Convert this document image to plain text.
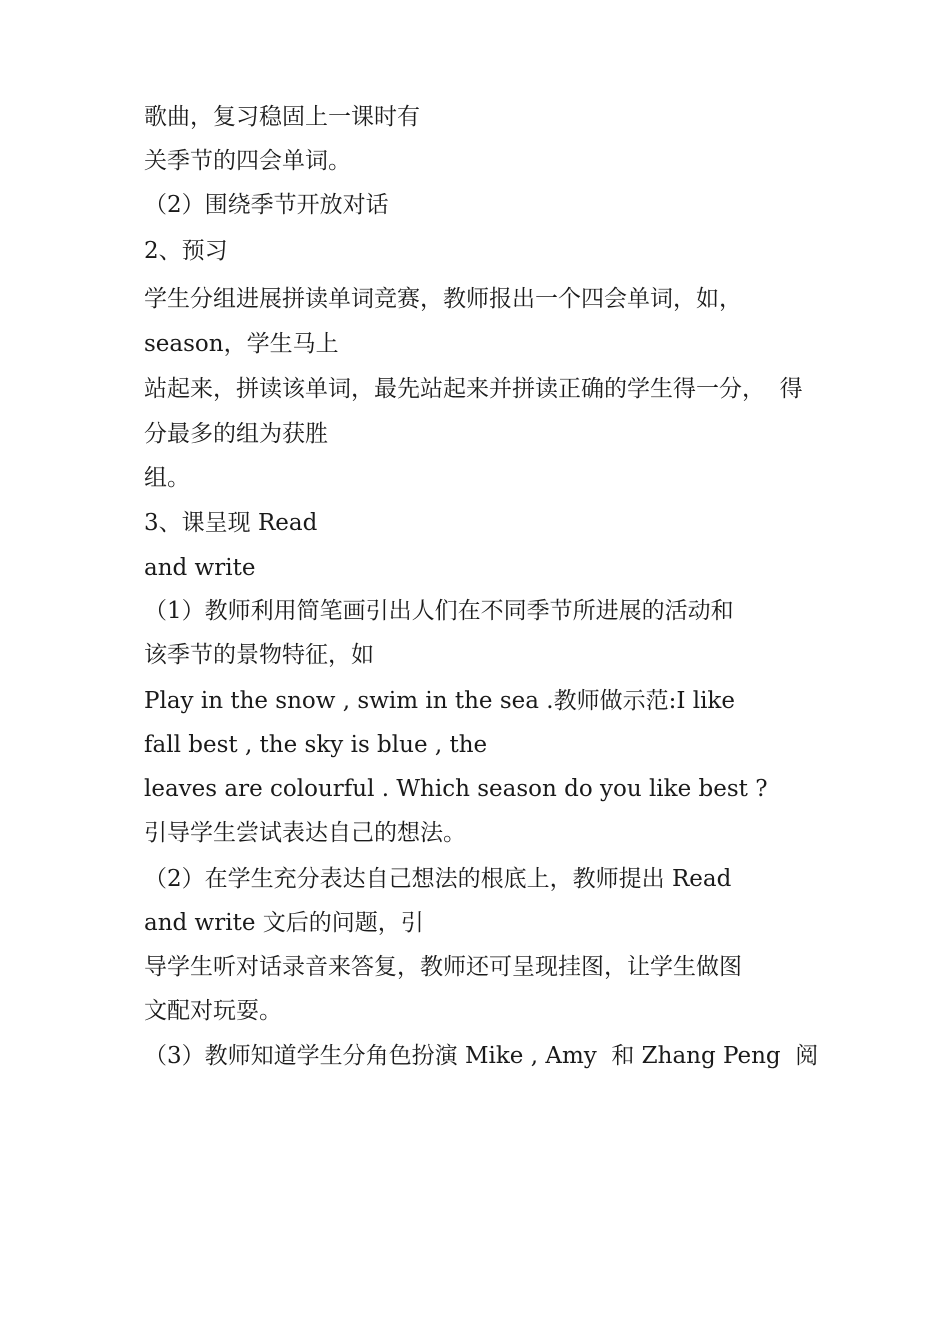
歌曲，复习稳固上一课时有

关季节的四会单词。

（2）围绕季节开放对话

2、预习

学生分组进展拼读单词竞赛，教师报出一个四会单词，如，

season，学生马上

站起来，拼读该单词，最先站起来并拼读正确的学生得一分，  得

分最多的组为获胜

组。

3、课呈现 Read

and write

（1）教师利用简笔画引出人们在不同季节所进展的活动和

该季节的景物特征，如

Play in the snow , swim in the sea .教师做示范:I like

fall best , the sky is blue , the

leaves are colourful . Which season do you like best ?

引导学生尝试表达自己的想法。

（2）在学生充分表达自己想法的根底上，教师提出 Read

and write 文后的问题，引

导学生听对话录音来答复，教师还可呈现挂图，让学生做图

文配对玩耍。

（3）教师知道学生分角色扮演 Mike , Amy  和 Zhang Peng  阅
